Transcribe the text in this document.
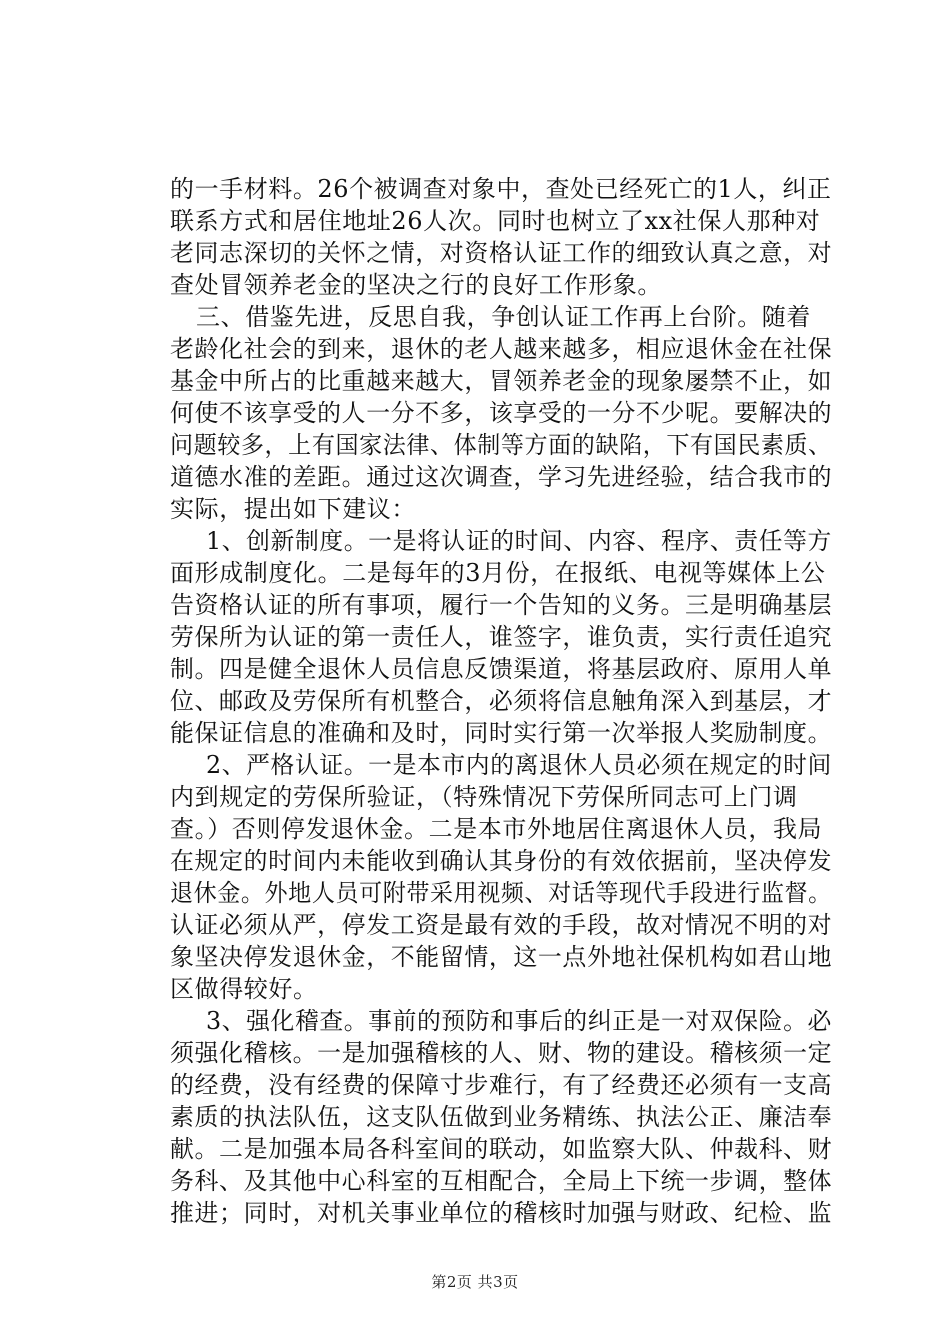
的一手材料。26个被调查对象中，查处已经死亡的1人，纠正
联系方式和居住地址26人次。同时也树立了xx社保人那种对
老同志深切的关怀之情，对资格认证工作的细致认真之意，对
查处冒领养老金的坚决之行的良好工作形象。
三、借鉴先进，反思自我，争创认证工作再上台阶。随着
老龄化社会的到来，退休的老人越来越多，相应退休金在社保
基金中所占的比重越来越大，冒领养老金的现象屡禁不止，如
何使不该享受的人一分不多，该享受的一分不少呢。要解决的
问题较多，上有国家法律、体制等方面的缺陷，下有国民素质、
道德水准的差距。通过这次调查，学习先进经验，结合我市的
实际，提出如下建议：
1、创新制度。一是将认证的时间、内容、程序、责任等方
面形成制度化。二是每年的3月份，在报纸、电视等媒体上公
告资格认证的所有事项，履行一个告知的义务。三是明确基层
劳保所为认证的第一责任人，谁签字，谁负责，实行责任追究
制。四是健全退休人员信息反馈渠道，将基层政府、原用人单
位、邮政及劳保所有机整合，必须将信息触角深入到基层，才
能保证信息的准确和及时，同时实行第一次举报人奖励制度。
2、严格认证。一是本市内的离退休人员必须在规定的时间
内到规定的劳保所验证，（特殊情况下劳保所同志可上门调
查。）否则停发退休金。二是本市外地居住离退休人员，我局
在规定的时间内未能收到确认其身份的有效依据前，坚决停发
退休金。外地人员可附带采用视频、对话等现代手段进行监督。
认证必须从严，停发工资是最有效的手段，故对情况不明的对
象坚决停发退休金，不能留情，这一点外地社保机构如君山地
区做得较好。
3、强化稽查。事前的预防和事后的纠正是一对双保险。必
须强化稽核。一是加强稽核的人、财、物的建设。稽核须一定
的经费，没有经费的保障寸步难行，有了经费还必须有一支高
素质的执法队伍，这支队伍做到业务精练、执法公正、廉洁奉
献。二是加强本局各科室间的联动，如监察大队、仲裁科、财
务科、及其他中心科室的互相配合，全局上下统一步调，整体
推进；同时，对机关事业单位的稽核时加强与财政、纪检、监
第2页 共3页
